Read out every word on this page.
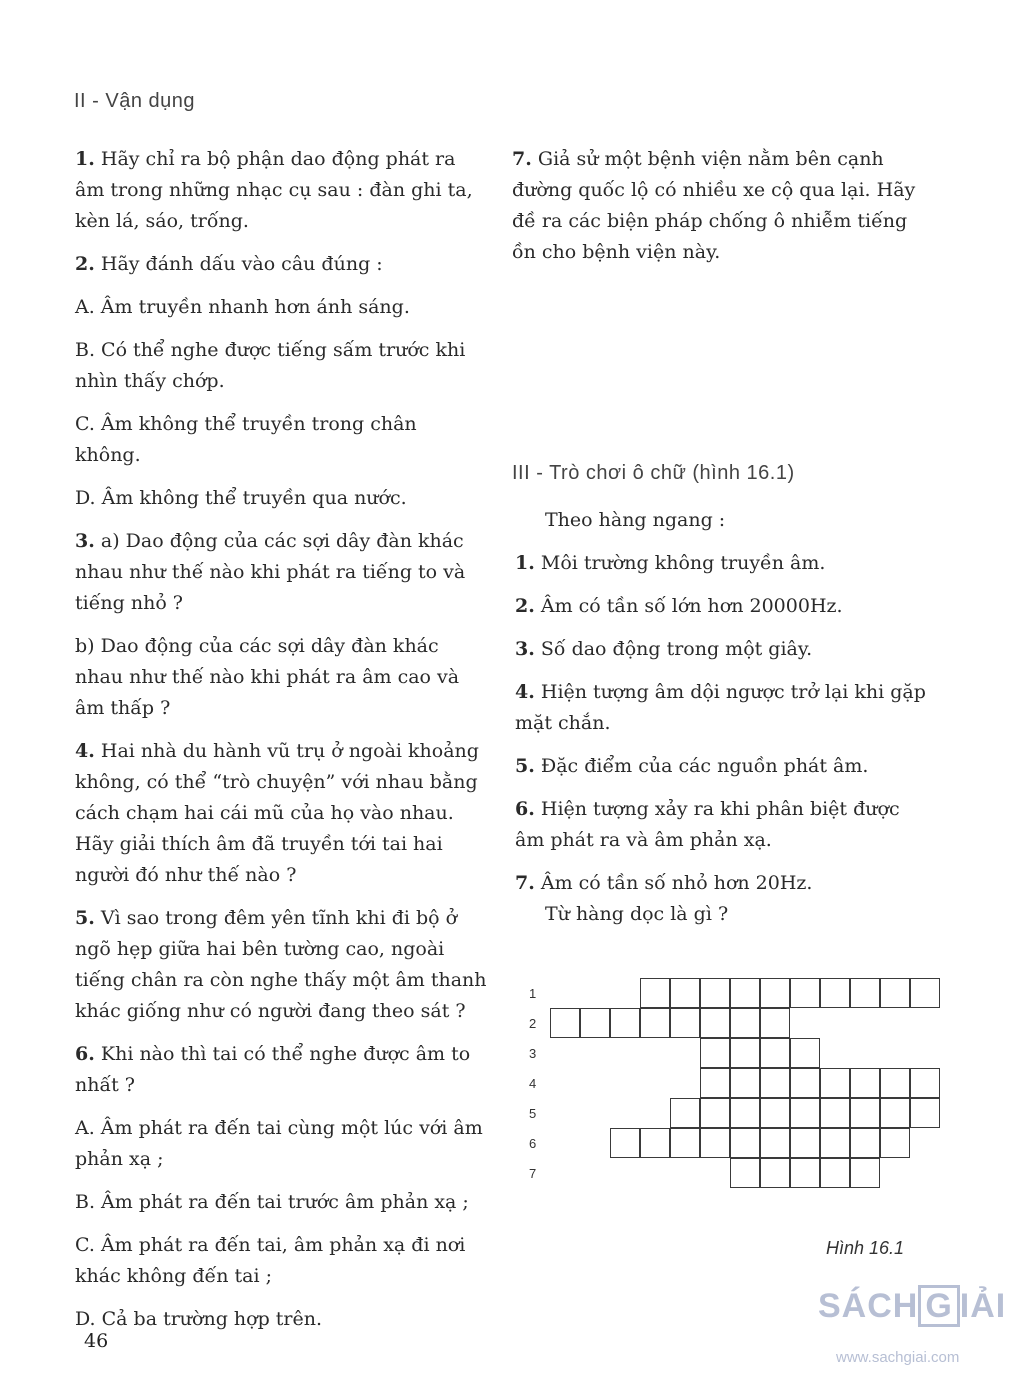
II - Vận dụng

1. Hãy chỉ ra bộ phận dao động phát ra âm trong những nhạc cụ sau : đàn ghi ta, kèn lá, sáo, trống.

2. Hãy đánh dấu vào câu đúng :

A. Âm truyền nhanh hơn ánh sáng.

B. Có thể nghe được tiếng sấm trước khi nhìn thấy chớp.

C. Âm không thể truyền trong chân không.

D. Âm không thể truyền qua nước.

3. a) Dao động của các sợi dây đàn khác nhau như thế nào khi phát ra tiếng to và tiếng nhỏ ?

b) Dao động của các sợi dây đàn khác nhau như thế nào khi phát ra âm cao và âm thấp ?

4. Hai nhà du hành vũ trụ ở ngoài khoảng không, có thể “trò chuyện” với nhau bằng cách chạm hai cái mũ của họ vào nhau. Hãy giải thích âm đã truyền tới tai hai người đó như thế nào ?

5. Vì sao trong đêm yên tĩnh khi đi bộ ở ngõ hẹp giữa hai bên tường cao, ngoài tiếng chân ra còn nghe thấy một âm thanh khác giống như có người đang theo sát ?

6. Khi nào thì tai có thể nghe được âm to nhất ?

A. Âm phát ra đến tai cùng một lúc với âm phản xạ ;

B. Âm phát ra đến tai trước âm phản xạ ;

C. Âm phát ra đến tai, âm phản xạ đi nơi khác không đến tai ;

D. Cả ba trường hợp trên.

7. Giả sử một bệnh viện nằm bên cạnh đường quốc lộ có nhiều xe cộ qua lại. Hãy đề ra các biện pháp chống ô nhiễm tiếng ồn cho bệnh viện này.

III - Trò chơi ô chữ (hình 16.1)

Theo hàng ngang :

1. Môi trường không truyền âm.

2. Âm có tần số lớn hơn 20000Hz.

3. Số dao động trong một giây.

4. Hiện tượng âm dội ngược trở lại khi gặp mặt chắn.

5. Đặc điểm của các nguồn phát âm.

6. Hiện tượng xảy ra khi phân biệt được âm phát ra và âm phản xạ.

7. Âm có tần số nhỏ hơn 20Hz.

Từ hàng dọc là gì ?

1
2
3
4
5
6
7
Hình 16.1
46
SÁCH G IẢI
www.sachgiai.com
